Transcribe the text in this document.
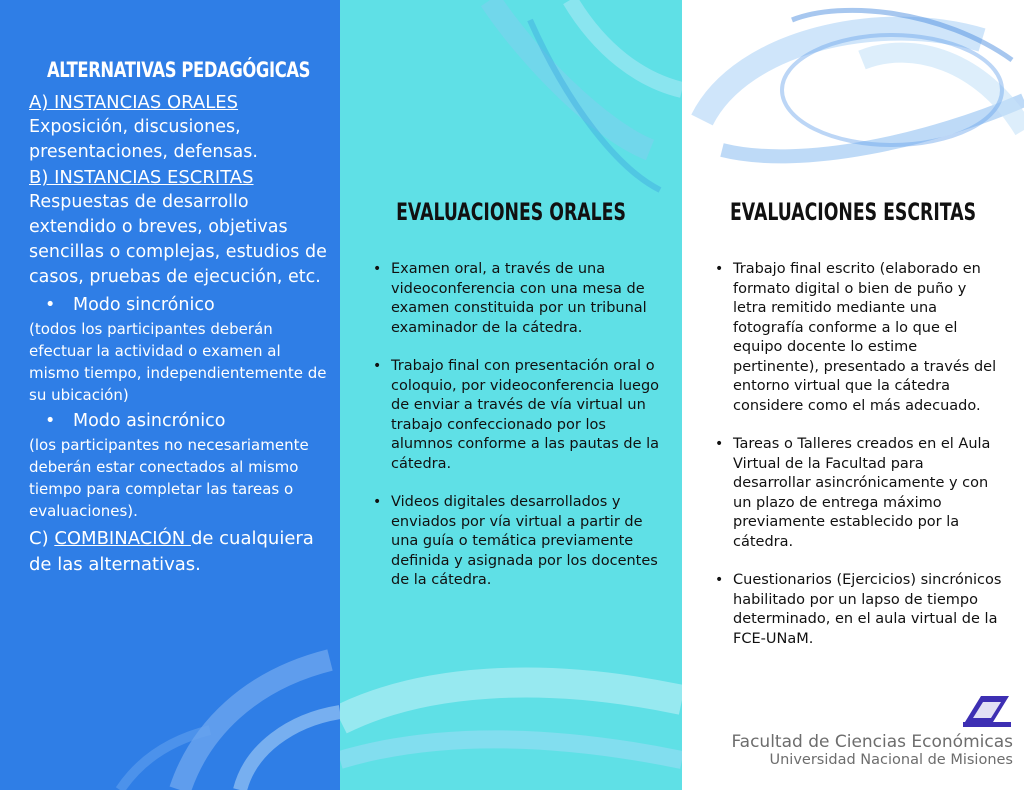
ALTERNATIVAS PEDAGÓGICAS

A) INSTANCIAS ORALES

Exposición, discusiones, presentaciones, defensas.

B) INSTANCIAS ESCRITAS

Respuestas de desarrollo extendido o breves, objetivas sencillas o complejas, estudios de casos, pruebas de ejecución, etc.

• Modo sincrónico

(todos los participantes deberán efectuar la actividad o examen al mismo tiempo, independientemente de su ubicación)

• Modo asincrónico

(los participantes no necesariamente deberán estar conectados al mismo tiempo para completar las tareas o evaluaciones).

C) COMBINACIÓN de cualquiera de las alternativas.

EVALUACIONES ORALES
• Examen oral, a través de una videoconferencia con una mesa de examen constituida por un tribunal examinador de la cátedra.
• Trabajo final con presentación oral o coloquio, por videoconferencia luego de enviar a través de vía virtual un trabajo confeccionado por los alumnos conforme a las pautas de la cátedra.
• Videos digitales desarrollados y enviados por vía virtual a partir de una guía o temática previamente definida y asignada por los docentes de la cátedra.
EVALUACIONES ESCRITAS
• Trabajo final escrito (elaborado en formato digital o bien de puño y letra remitido mediante una fotografía conforme a lo que el equipo docente lo estime pertinente), presentado a través del entorno virtual que la cátedra considere como el más adecuado.
• Tareas o Talleres creados en el Aula Virtual de la Facultad para desarrollar asincrónicamente y con un plazo de entrega máximo previamente establecido por la cátedra.
• Cuestionarios (Ejercicios) sincrónicos habilitado por un lapso de tiempo determinado, en el aula virtual de la FCE-UNaM.
Facultad de Ciencias Económicas
Universidad Nacional de Misiones
